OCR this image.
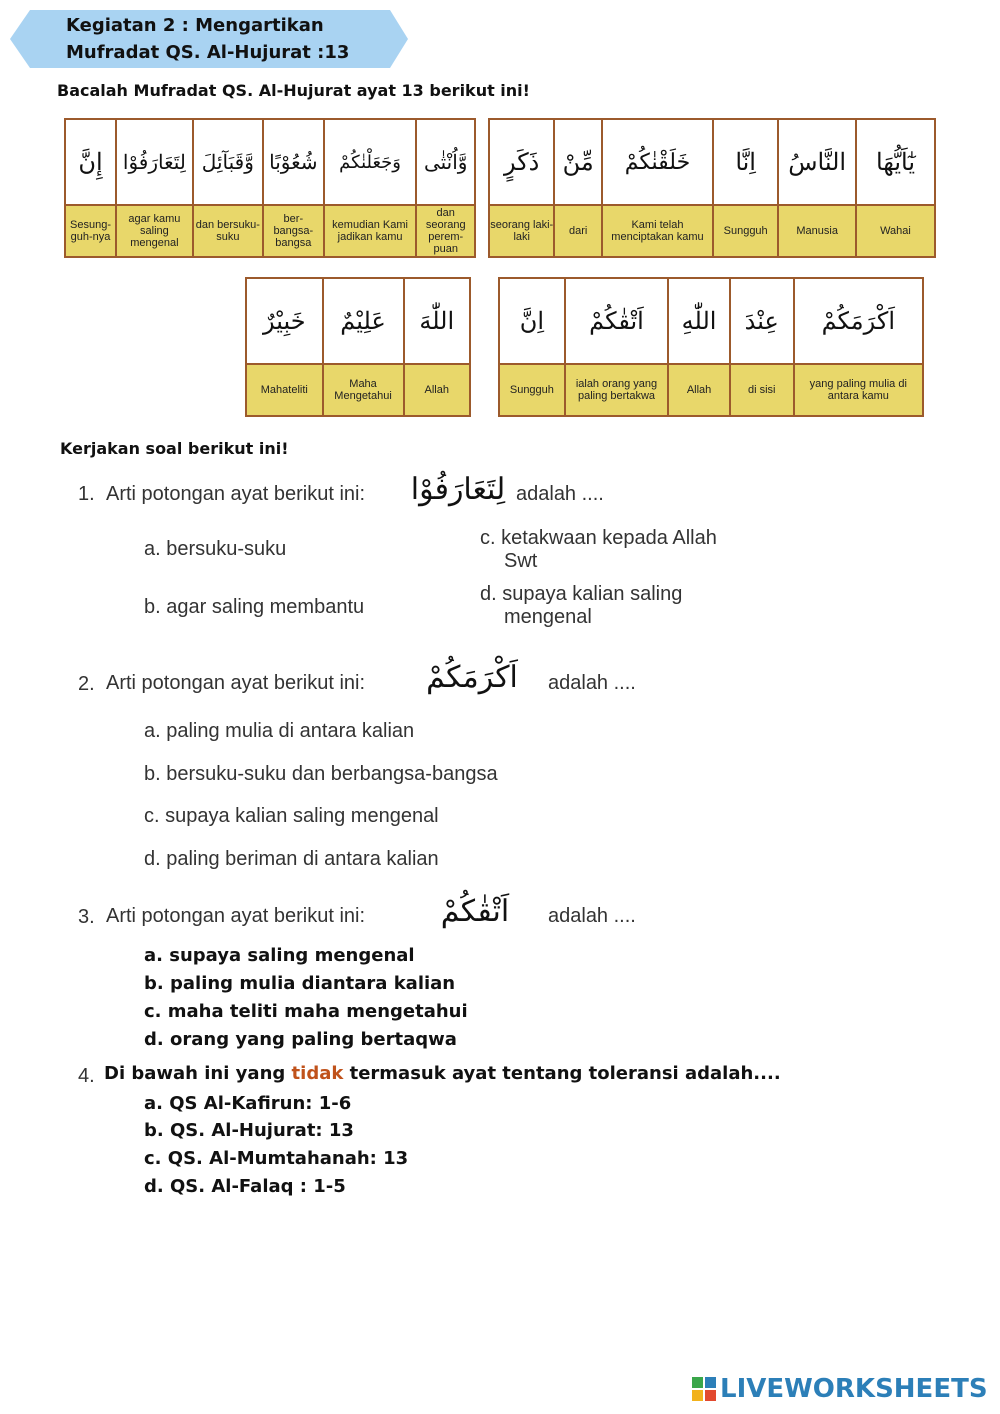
Kegiatan 2 : Mengartikan
Mufradat QS. Al-Hujurat :13
Bacalah Mufradat QS. Al-Hujurat ayat 13 berikut ini!
إِنَّ	لِتَعَارَفُوْا	وَّقَبَآئِلَ	شُعُوْبًا	وَجَعَلْنٰكُمْ	وَّاُنْثٰى
Sesung-guh-nya	agar kamu saling mengenal	dan bersuku-suku	ber-bangsa-bangsa	kemudian Kami jadikan kamu	dan seorang perem-puan
ذَكَرٍ	مِّنْ	خَلَقْنٰكُمْ	اِنَّا	النَّاسُ	يٰٓاَيُّهَا
seorang laki-laki	dari	Kami telah menciptakan kamu	Sungguh	Manusia	Wahai
خَبِيْرٌ	عَلِيْمٌ	اللّٰهَ
Mahateliti	Maha Mengetahui	Allah
اِنَّ	اَتْقٰكُمْ	اللّٰهِ	عِنْدَ	اَكْرَمَكُمْ
Sungguh	ialah orang yang paling bertakwa	Allah	di sisi	yang paling mulia di antara kamu
Kerjakan soal berikut ini!
1. Arti potongan ayat berikut ini: لِتَعَارَفُوْا adalah ....
a. bersuku-suku
b. agar saling membantu
c. ketakwaan kepada Allah
Swt
d. supaya kalian saling
mengenal
2. Arti potongan ayat berikut ini:	اَكْرَمَكُمْ	adalah ....
a. paling mulia di antara kalian
b. bersuku-suku dan berbangsa-bangsa
c. supaya kalian saling mengenal
d. paling beriman di antara kalian
3. Arti potongan ayat berikut ini:	اَتْقٰكُمْ	adalah ....
a. supaya saling mengenal
b. paling mulia diantara kalian
c. maha teliti maha mengetahui
d. orang yang paling bertaqwa
4. Di bawah ini yang tidak termasuk ayat tentang toleransi adalah....
a. QS Al-Kafirun: 1-6
b. QS. Al-Hujurat: 13
c. QS. Al-Mumtahanah: 13
d. QS. Al-Falaq : 1-5
LIVEWORKSHEETS
